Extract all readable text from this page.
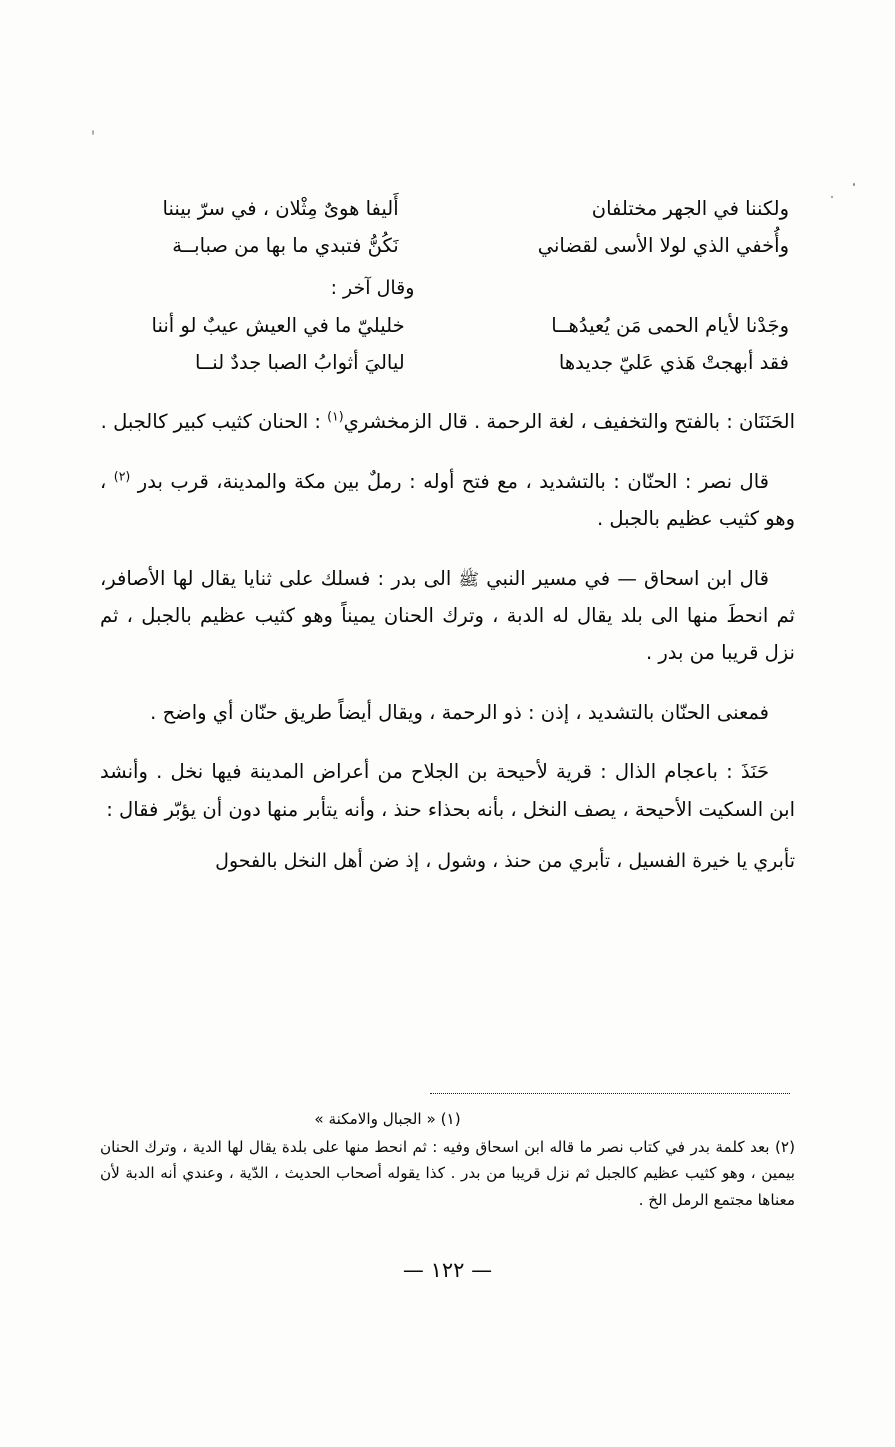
ولكننا في الجهر مختلفان	أَليفا هوىٌ مِثْلان ، في سرّ بيننا
وأُخفي الذي لولا الأسى لقضاني	نَكُنُّ فتبدي ما بها من صبابــة

وقال آخر :

وجَدْنا لأيام الحمى مَن يُعيدُهــا	خليليّ ما في العيش عيبٌ لو أننا
فقد أبهجتْ هَذي عَليّ جديدها	لياليَ أثوابُ الصبا جددٌ لنــا

الحَنَنَان : بالفتح والتخفيف ، لغة الرحمة . قال الزمخشري$^{(١)}$ : الحنان كثيب كبير كالجبل .

قال نصر : الحنّان : بالتشديد ، مع فتح أوله : رملٌ بين مكة والمدينة، قرب بدر $^{(٢)}$ ، وهو كثيب عظيم بالجبل .

قال ابن اسحاق — في مسير النبي ﷺ الى بدر : فسلك على ثنايا يقال لها الأصافر، ثم انحطَ منها الى بلد يقال له الدبة ، وترك الحنان يميناً وهو كثيب عظيم بالجبل ، ثم نزل قريبا من بدر .

فمعنى الحنّان بالتشديد ، إذن : ذو الرحمة ، ويقال أيضاً طريق حنّان أي واضح .

حَنَذَ : باعجام الذال : قرية لأحيحة بن الجلاح من أعراض المدينة فيها نخل . وأنشد ابن السكيت الأحيحة ، يصف النخل ، بأنه بحذاء حنذ ، وأنه يتأبر منها دون أن يؤبّر فقال :

تأبري يا خيرة الفسيل ، تأبري من حنذ ، وشول ، إذ ضن أهل النخل بالفحول

(١) « الجبال والامكنة »

(٢) بعد كلمة بدر في كتاب نصر ما قاله ابن اسحاق وفيه : ثم انحط منها على بلدة يقال لها الدية ، وترك الحنان بيمين ، وهو كثيب عظيم كالجبل ثم نزل قريبا من بدر . كذا يقوله أصحاب الحديث ، الدّية ، وعندي أنه الدبة لأن معناها مجتمع الرمل الخ .

— ١٢٢ —
